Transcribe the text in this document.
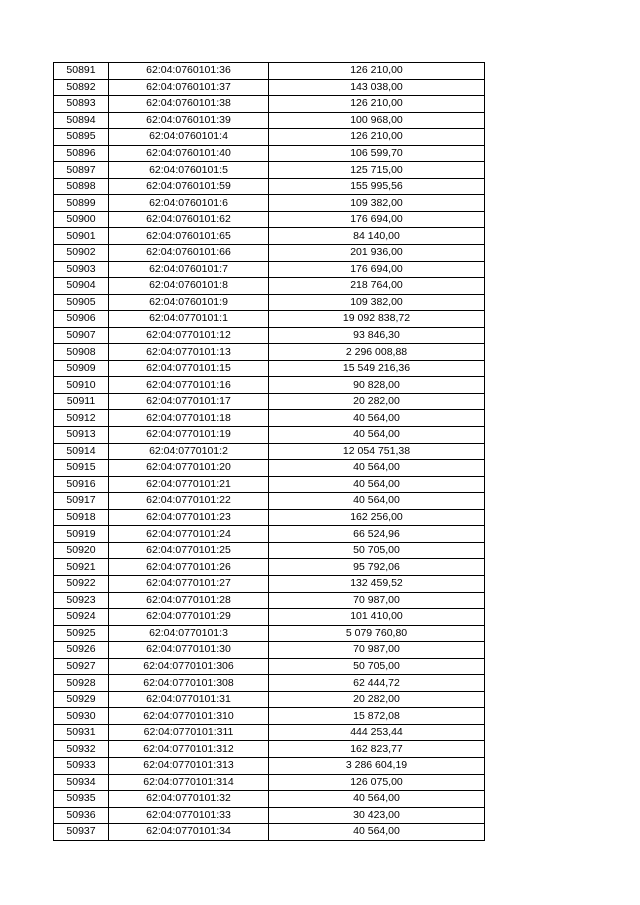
50891	62:04:0760101:36	126 210,00
50892	62:04:0760101:37	143 038,00
50893	62:04:0760101:38	126 210,00
50894	62:04:0760101:39	100 968,00
50895	62:04:0760101:4	126 210,00
50896	62:04:0760101:40	106 599,70
50897	62:04:0760101:5	125 715,00
50898	62:04:0760101:59	155 995,56
50899	62:04:0760101:6	109 382,00
50900	62:04:0760101:62	176 694,00
50901	62:04:0760101:65	84 140,00
50902	62:04:0760101:66	201 936,00
50903	62:04:0760101:7	176 694,00
50904	62:04:0760101:8	218 764,00
50905	62:04:0760101:9	109 382,00
50906	62:04:0770101:1	19 092 838,72
50907	62:04:0770101:12	93 846,30
50908	62:04:0770101:13	2 296 008,88
50909	62:04:0770101:15	15 549 216,36
50910	62:04:0770101:16	90 828,00
50911	62:04:0770101:17	20 282,00
50912	62:04:0770101:18	40 564,00
50913	62:04:0770101:19	40 564,00
50914	62:04:0770101:2	12 054 751,38
50915	62:04:0770101:20	40 564,00
50916	62:04:0770101:21	40 564,00
50917	62:04:0770101:22	40 564,00
50918	62:04:0770101:23	162 256,00
50919	62:04:0770101:24	66 524,96
50920	62:04:0770101:25	50 705,00
50921	62:04:0770101:26	95 792,06
50922	62:04:0770101:27	132 459,52
50923	62:04:0770101:28	70 987,00
50924	62:04:0770101:29	101 410,00
50925	62:04:0770101:3	5 079 760,80
50926	62:04:0770101:30	70 987,00
50927	62:04:0770101:306	50 705,00
50928	62:04:0770101:308	62 444,72
50929	62:04:0770101:31	20 282,00
50930	62:04:0770101:310	15 872,08
50931	62:04:0770101:311	444 253,44
50932	62:04:0770101:312	162 823,77
50933	62:04:0770101:313	3 286 604,19
50934	62:04:0770101:314	126 075,00
50935	62:04:0770101:32	40 564,00
50936	62:04:0770101:33	30 423,00
50937	62:04:0770101:34	40 564,00
